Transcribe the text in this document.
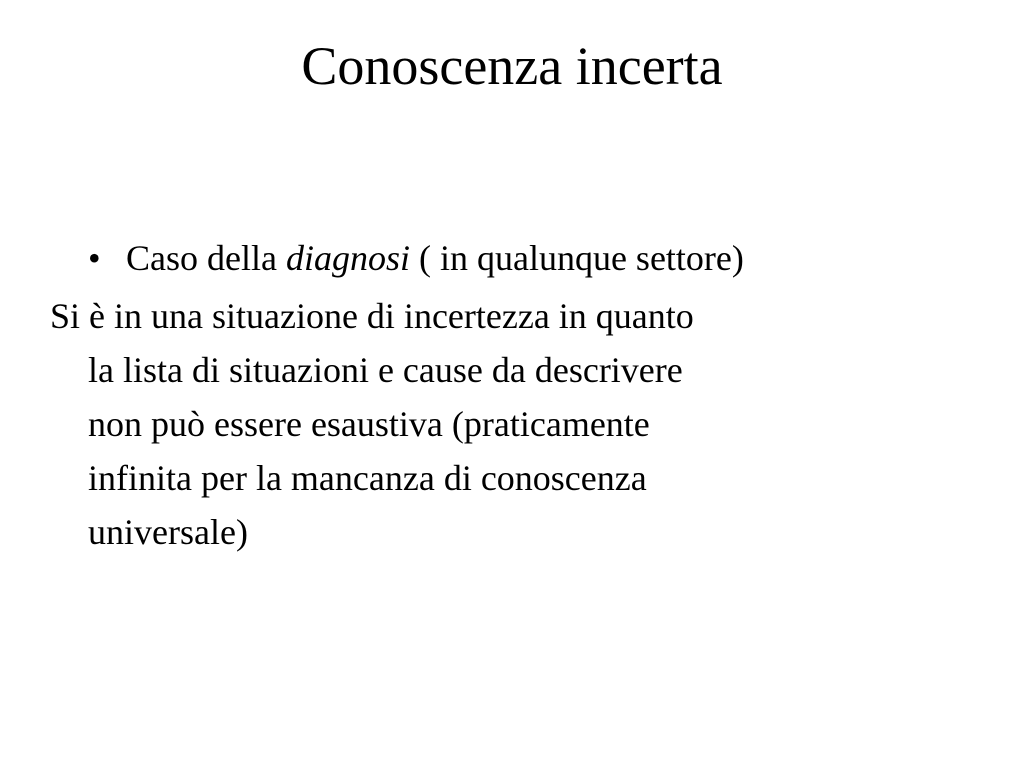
Conoscenza incerta
• Caso della diagnosi ( in qualunque settore)
Si è in una situazione di incertezza in quanto
la lista di situazioni e cause da descrivere
non può essere esaustiva (praticamente
infinita per la mancanza di conoscenza
universale)
